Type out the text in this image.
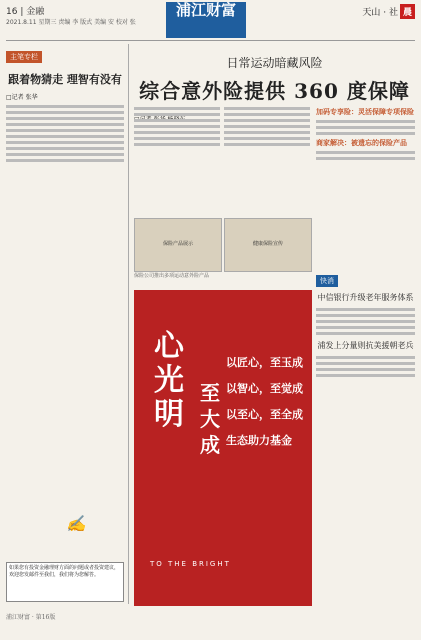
16 | 金融
2021.8.11 星期三 责编 李 版式 美编 安 校对 张
浦江财富	天山 · 社 晨
主笔专栏
跟着物猜走 理智有没有
□记者 张华
✍
如果您有投资金融理财方面的问题或者投资建议，欢迎您发邮件至我们，我们将为您解答。
日常运动暗藏风险
综合意外险提供 360 度保障
加码专享险：灵活保障专项保险
商家解决：被遗忘的保险产品
保险产品展示	健康保险宣传
保险公司推出多项运动意外险产品
心光明
至大成
以匠心，至玉成
以智心，至觉成
以至心，至全成
生态助力基金
TO THE BRIGHT
快消
中信银行升级老年服务体系
浦发上分量则抗美援朝老兵
浦江财富 · 第16版
